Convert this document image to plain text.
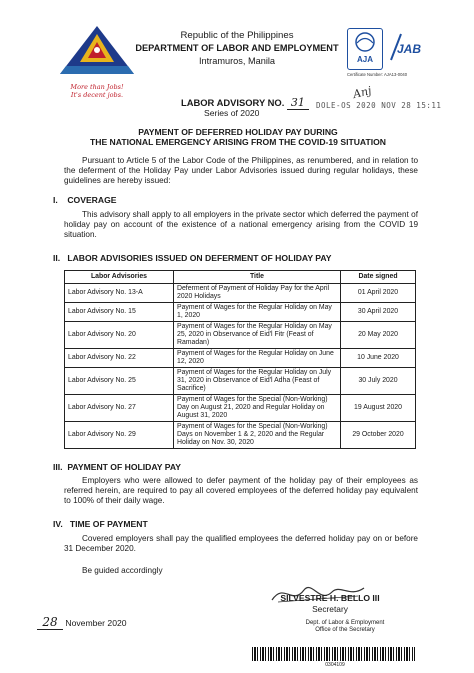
More than Jobs!
It's decent jobs.
Republic of the Philippines
DEPARTMENT OF LABOR AND EMPLOYMENT
Intramuros, Manila	AJA
JAB
Certificate Number: AJA13-0040
LABOR ADVISORY NO. 31
Series of 2020
Anj
DOLE-OS 2020 NOV 28 15:11
PAYMENT OF DEFERRED HOLIDAY PAY DURING
THE NATIONAL EMERGENCY ARISING FROM THE COVID-19 SITUATION
Pursuant to Article 5 of the Labor Code of the Philippines, as renumbered, and in relation to the deferment of the Holiday Pay under Labor Advisories issued during regular holidays, these guidelines are hereby issued:
I.    COVERAGE
This advisory shall apply to all employers in the private sector which deferred the payment of holiday pay on account of the existence of a national emergency arising from the COVID 19 situation.
II.   LABOR ADVISORIES ISSUED ON DEFERMENT OF HOLIDAY PAY
Labor Advisories	Title	Date signed
Labor Advisory No. 13-A	Deferment of Payment of Holiday Pay for the April 2020 Holidays	01 April 2020
Labor Advisory No. 15	Payment of Wages for the Regular Holiday on May 1, 2020	30 April 2020
Labor Advisory No. 20	Payment of Wages for the Regular Holiday on May 25, 2020 in Observance of Eid'l Fitr (Feast of Ramadan)	20 May 2020
Labor Advisory No. 22	Payment of Wages for the Regular Holiday on June 12, 2020	10 June 2020
Labor Advisory No. 25	Payment of Wages for the Regular Holiday on July 31, 2020 in Observance of Eid'l Adha (Feast of Sacrifice)	30 July 2020
Labor Advisory No. 27	Payment of Wages for the Special (Non-Working) Day on August 21, 2020 and Regular Holiday on August 31, 2020	19 August 2020
Labor Advisory No. 29	Payment of Wages for the Special (Non-Working) Days on November 1 & 2, 2020 and the Regular Holiday on Nov. 30, 2020	29 October 2020
III.  PAYMENT OF HOLIDAY PAY
Employers who were allowed to defer payment of the holiday pay of their employees as referred herein, are required to pay all covered employees of the deferred holiday pay equivalent to 100% of their daily wage.
IV.   TIME OF PAYMENT
Covered employers shall pay the qualified employees the deferred holiday pay on or before 31 December 2020.
Be guided accordingly
SILVESTRE H. BELLO III
Secretary
28 November 2020	Dept. of Labor & Employment
Office of the Secretary
0304109
